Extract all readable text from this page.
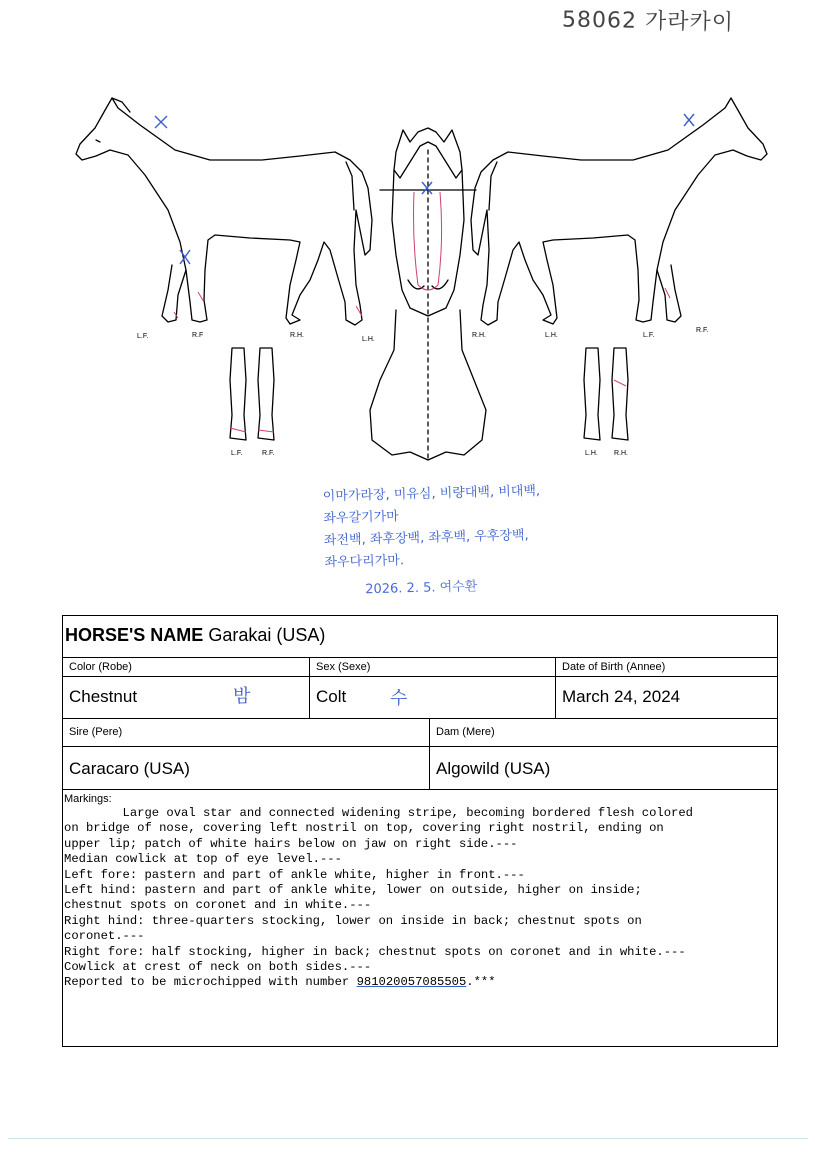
58062 가라카이
L.F.	R.F	R.H.
L.H.
L.F.	R.F.
R.H.	L.H.	L.F.
R.F.
L.H. R.H.
이마가라장, 미유심, 비량대백, 비대백,
좌우갈기가마
좌전백, 좌후장백, 좌후백, 우후장백,
좌우다리가마.
2026. 2. 5. 여수환
HORSE'S NAME Garakai (USA)
Color (Robe)
Chestnut	밤
Sex (Sexe)
Colt 수
Date of Birth (Annee)
March 24, 2024
Sire (Pere)
Caracaro (USA)
Dam (Mere)
Algowild (USA)
Markings:
Large oval star and connected widening stripe, becoming bordered flesh colored
on bridge of nose, covering left nostril on top, covering right nostril, ending on
upper lip; patch of white hairs below on jaw on right side.---
Median cowlick at top of eye level.---
Left fore: pastern and part of ankle white, higher in front.---
Left hind: pastern and part of ankle white, lower on outside, higher on inside;
chestnut spots on coronet and in white.---
Right hind: three-quarters stocking, lower on inside in back; chestnut spots on
coronet.---
Right fore: half stocking, higher in back; chestnut spots on coronet and in white.---
Cowlick at crest of neck on both sides.---
Reported to be microchipped with number 981020057085505.***
